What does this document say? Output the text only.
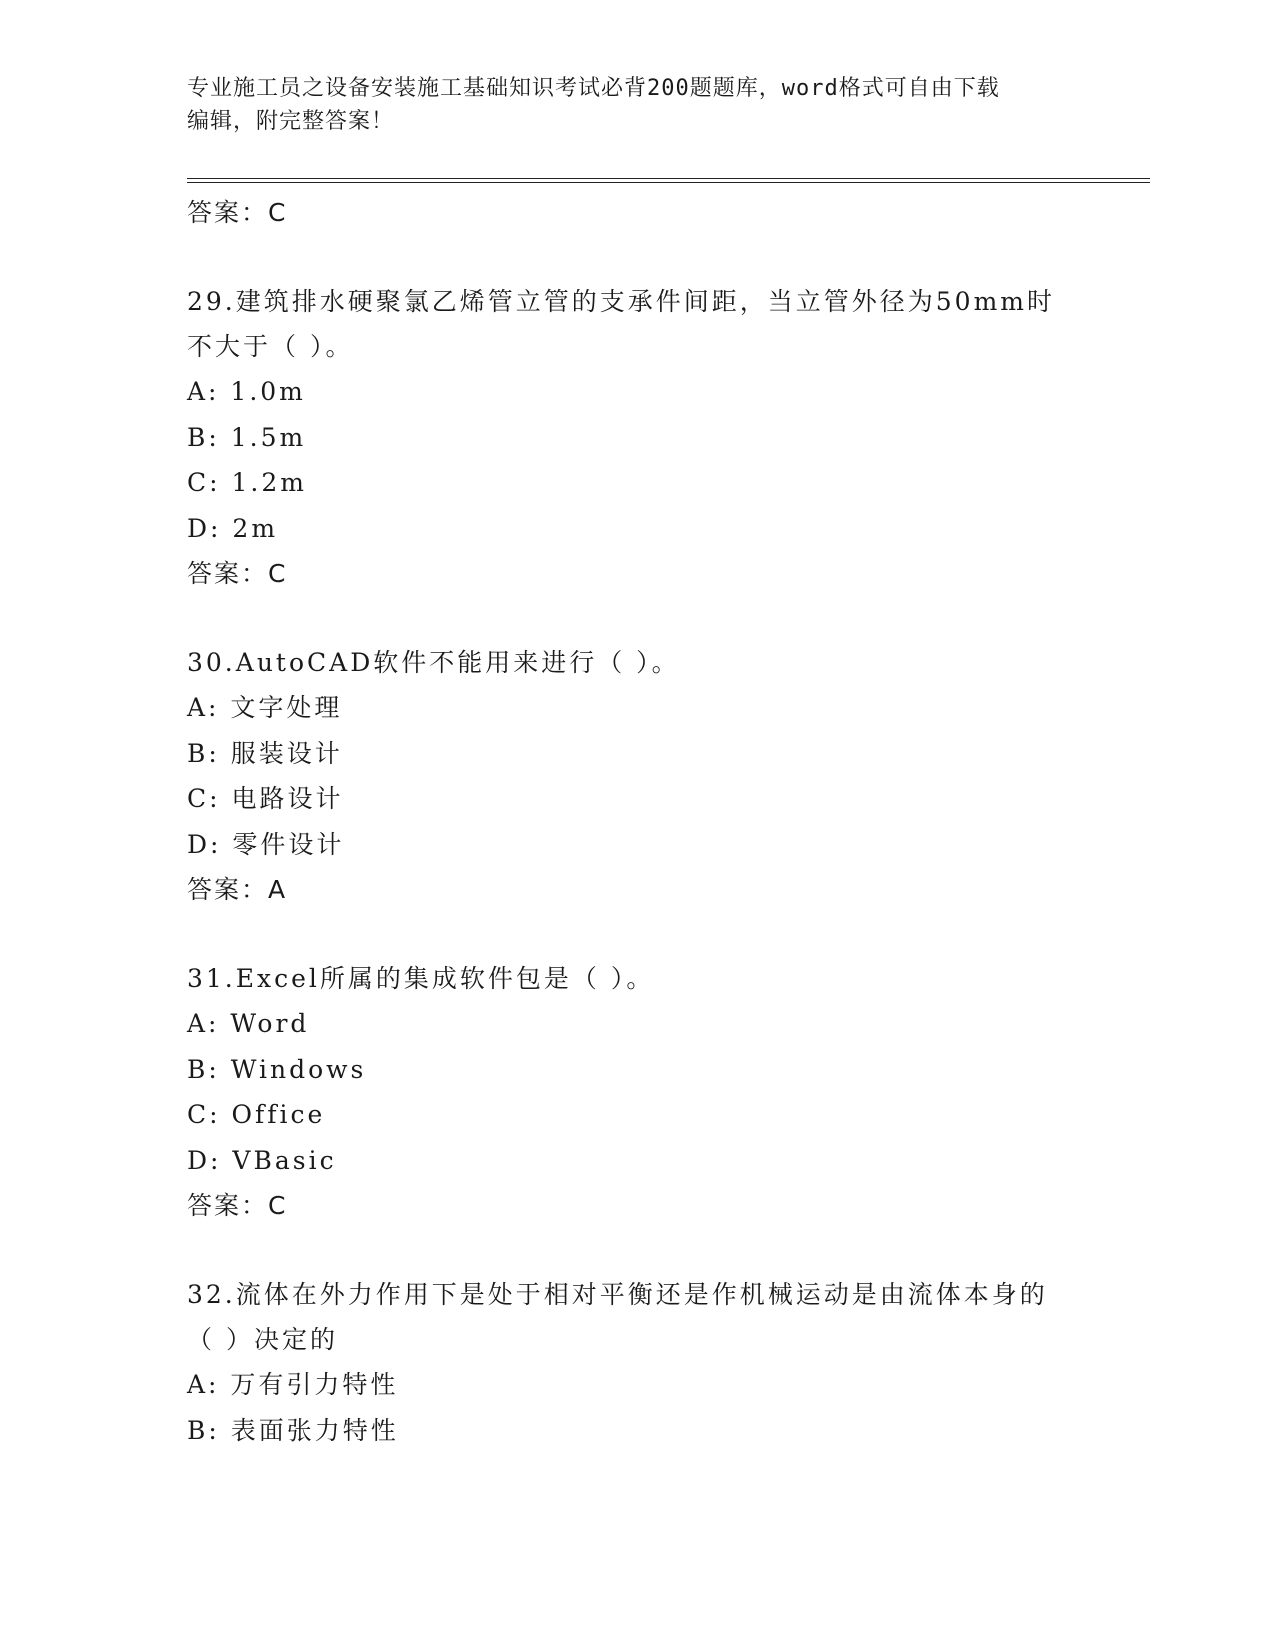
专业施工员之设备安装施工基础知识考试必背200题题库，word格式可自由下载
编辑，附完整答案！
答案：C
29.建筑排水硬聚氯乙烯管立管的支承件间距，当立管外径为50mm时
不大于（ ）。
A: 1.0m
B: 1.5m
C: 1.2m
D: 2m
答案：C
30.AutoCAD软件不能用来进行（ ）。
A: 文字处理
B: 服装设计
C: 电路设计
D: 零件设计
答案：A
31.Excel所属的集成软件包是（ ）。
A: Word
B: Windows
C: Office
D: VBasic
答案：C
32.流体在外力作用下是处于相对平衡还是作机械运动是由流体本身的
（ ）决定的
A: 万有引力特性
B: 表面张力特性
